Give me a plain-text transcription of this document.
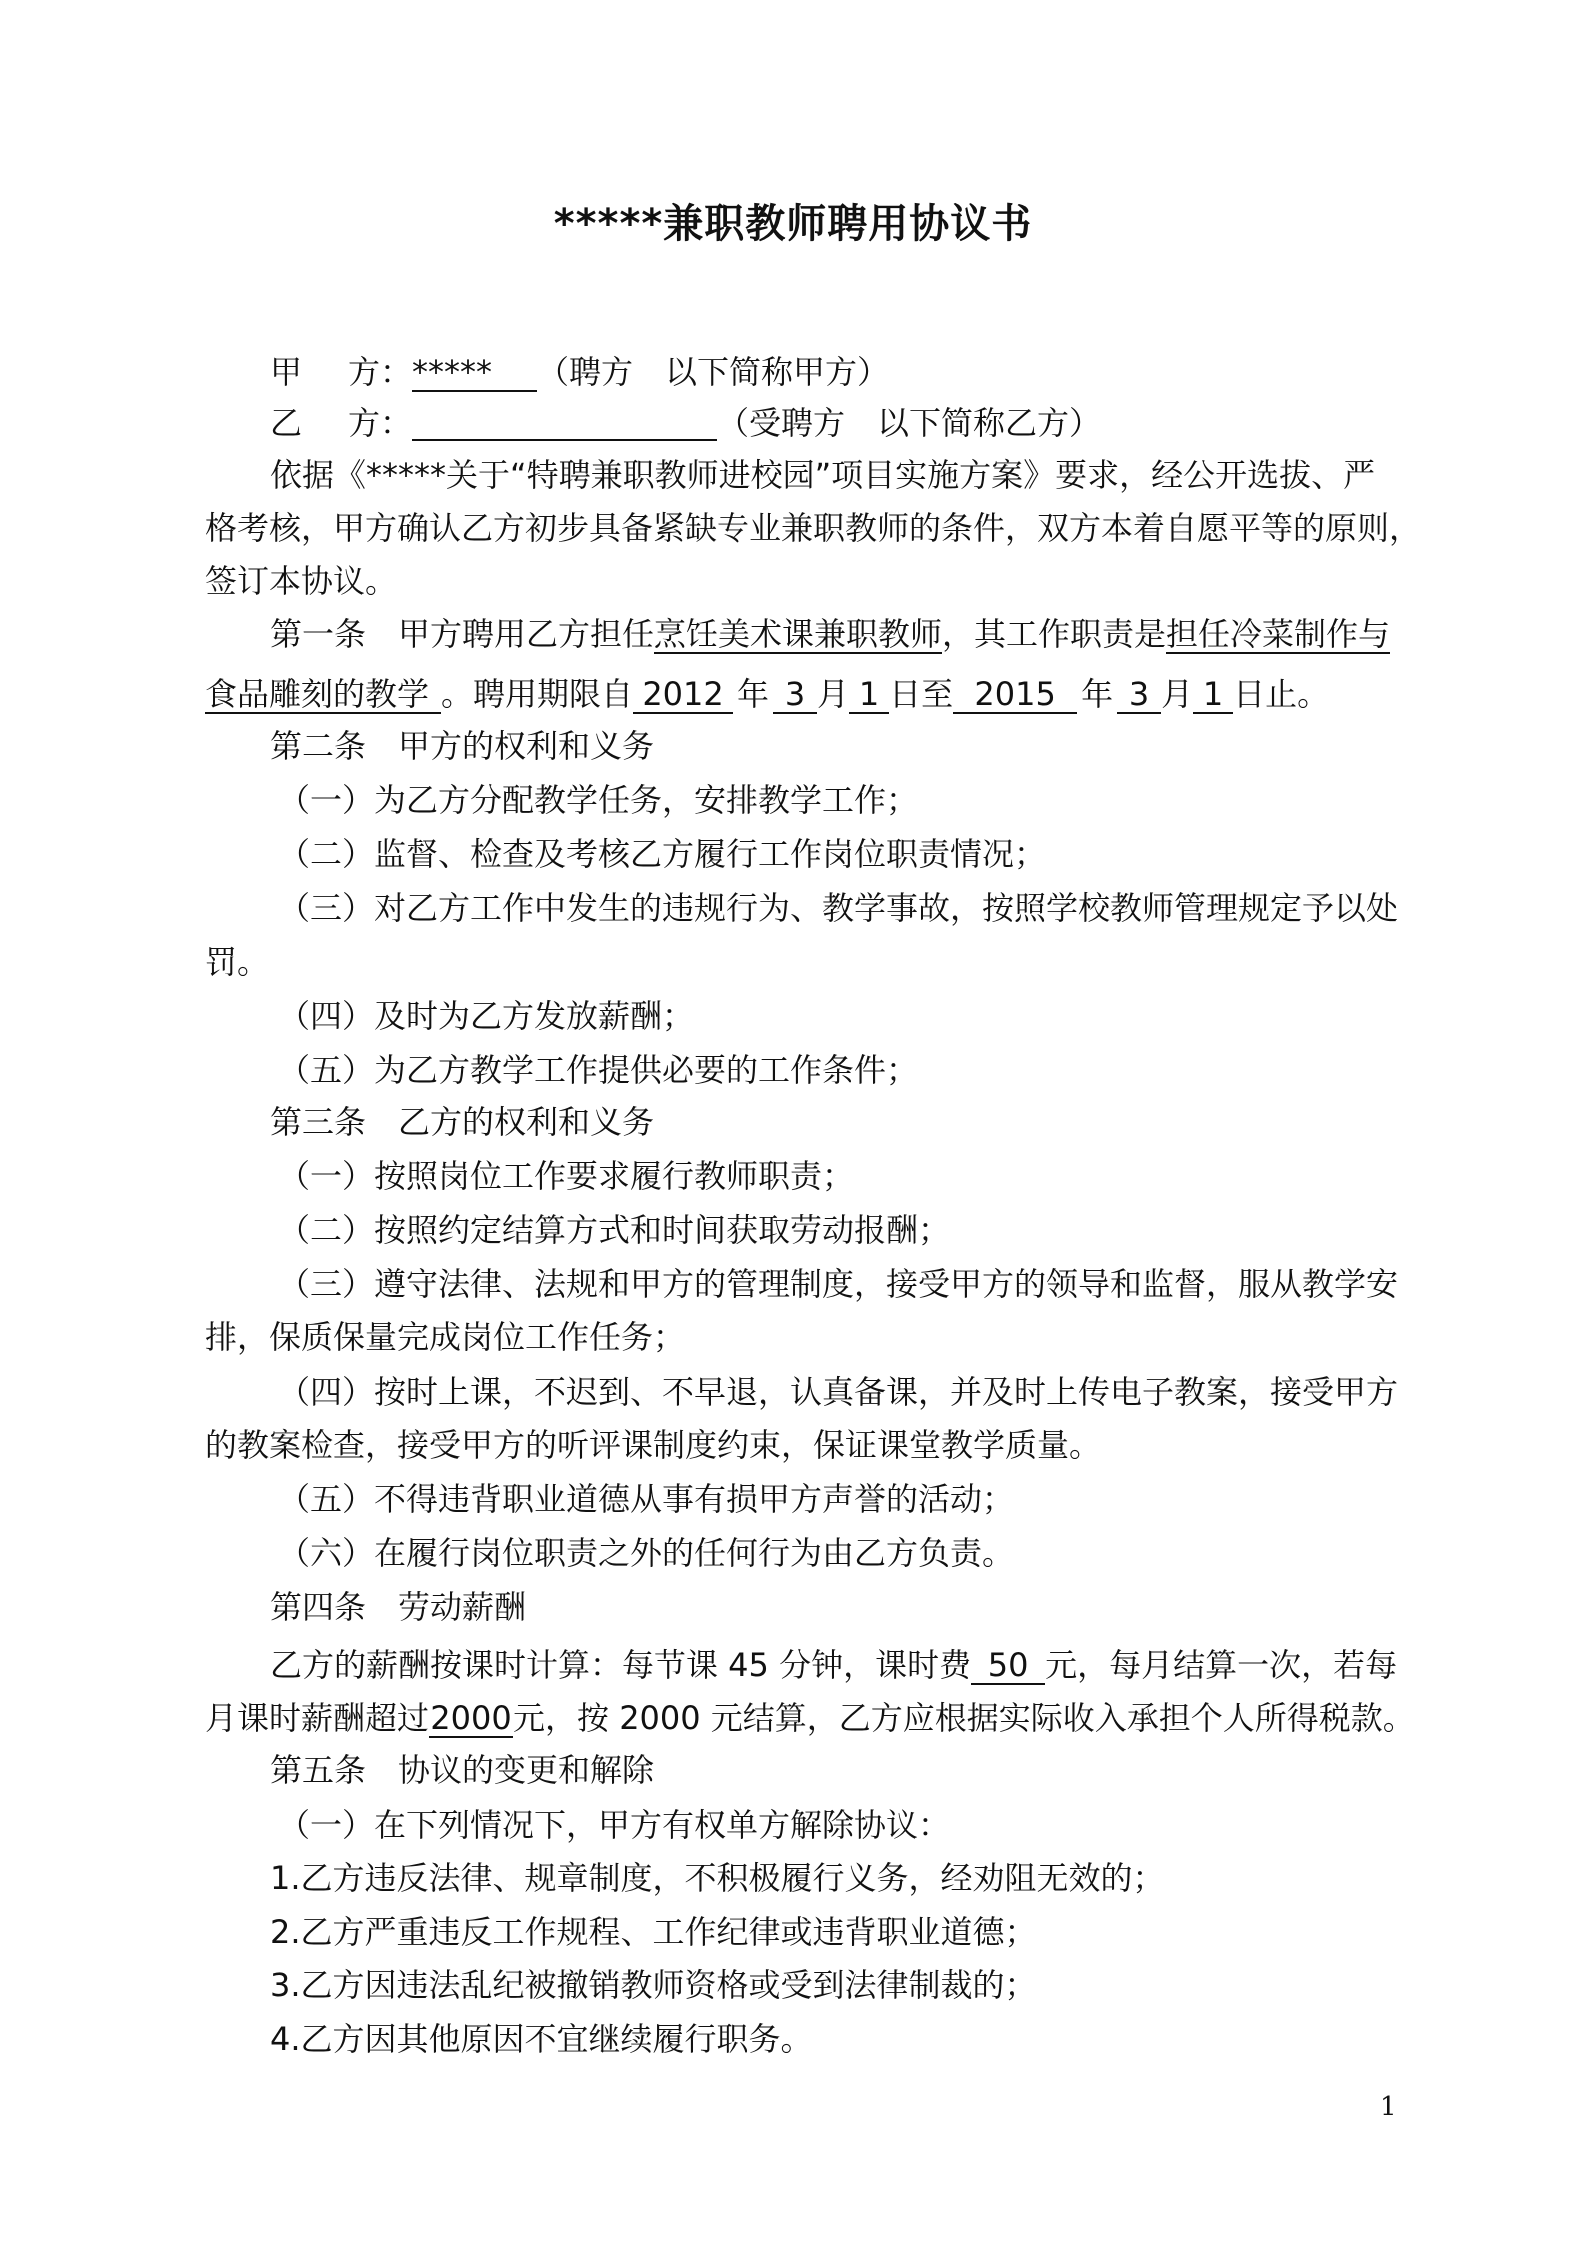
*****兼职教师聘用协议书
甲 方：***** （聘方　以下简称甲方）
乙 方：	（受聘方　以下简称乙方）
依据《*****关于“特聘兼职教师进校园”项目实施方案》要求，经公开选拔、严
格考核，甲方确认乙方初步具备紧缺专业兼职教师的条件，双方本着自愿平等的原则，
签订本协议。
第一条　甲方聘用乙方担任烹饪美术课兼职教师，其工作职责是担任冷菜制作与
食品雕刻的教学 。聘用期限自 2012 年 3 月 1 日至 2015 年 3 月 1 日止。
第二条　甲方的权利和义务
（一）为乙方分配教学任务，安排教学工作；
（二）监督、检查及考核乙方履行工作岗位职责情况；
（三）对乙方工作中发生的违规行为、教学事故，按照学校教师管理规定予以处
罚。
（四）及时为乙方发放薪酬；
（五）为乙方教学工作提供必要的工作条件；
第三条　乙方的权利和义务
（一）按照岗位工作要求履行教师职责；
（二）按照约定结算方式和时间获取劳动报酬；
（三）遵守法律、法规和甲方的管理制度，接受甲方的领导和监督，服从教学安
排，保质保量完成岗位工作任务；
（四）按时上课，不迟到、不早退，认真备课，并及时上传电子教案，接受甲方
的教案检查，接受甲方的听评课制度约束，保证课堂教学质量。
（五）不得违背职业道德从事有损甲方声誉的活动；
（六）在履行岗位职责之外的任何行为由乙方负责。
第四条　劳动薪酬
乙方的薪酬按课时计算：每节课 45 分钟，课时费 50 元，每月结算一次，若每
月课时薪酬超过2000元，按 2000 元结算，乙方应根据实际收入承担个人所得税款。
第五条　协议的变更和解除
（一）在下列情况下，甲方有权单方解除协议：
1.乙方违反法律、规章制度，不积极履行义务，经劝阻无效的；
2.乙方严重违反工作规程、工作纪律或违背职业道德；
3.乙方因违法乱纪被撤销教师资格或受到法律制裁的；
4.乙方因其他原因不宜继续履行职务。
1
